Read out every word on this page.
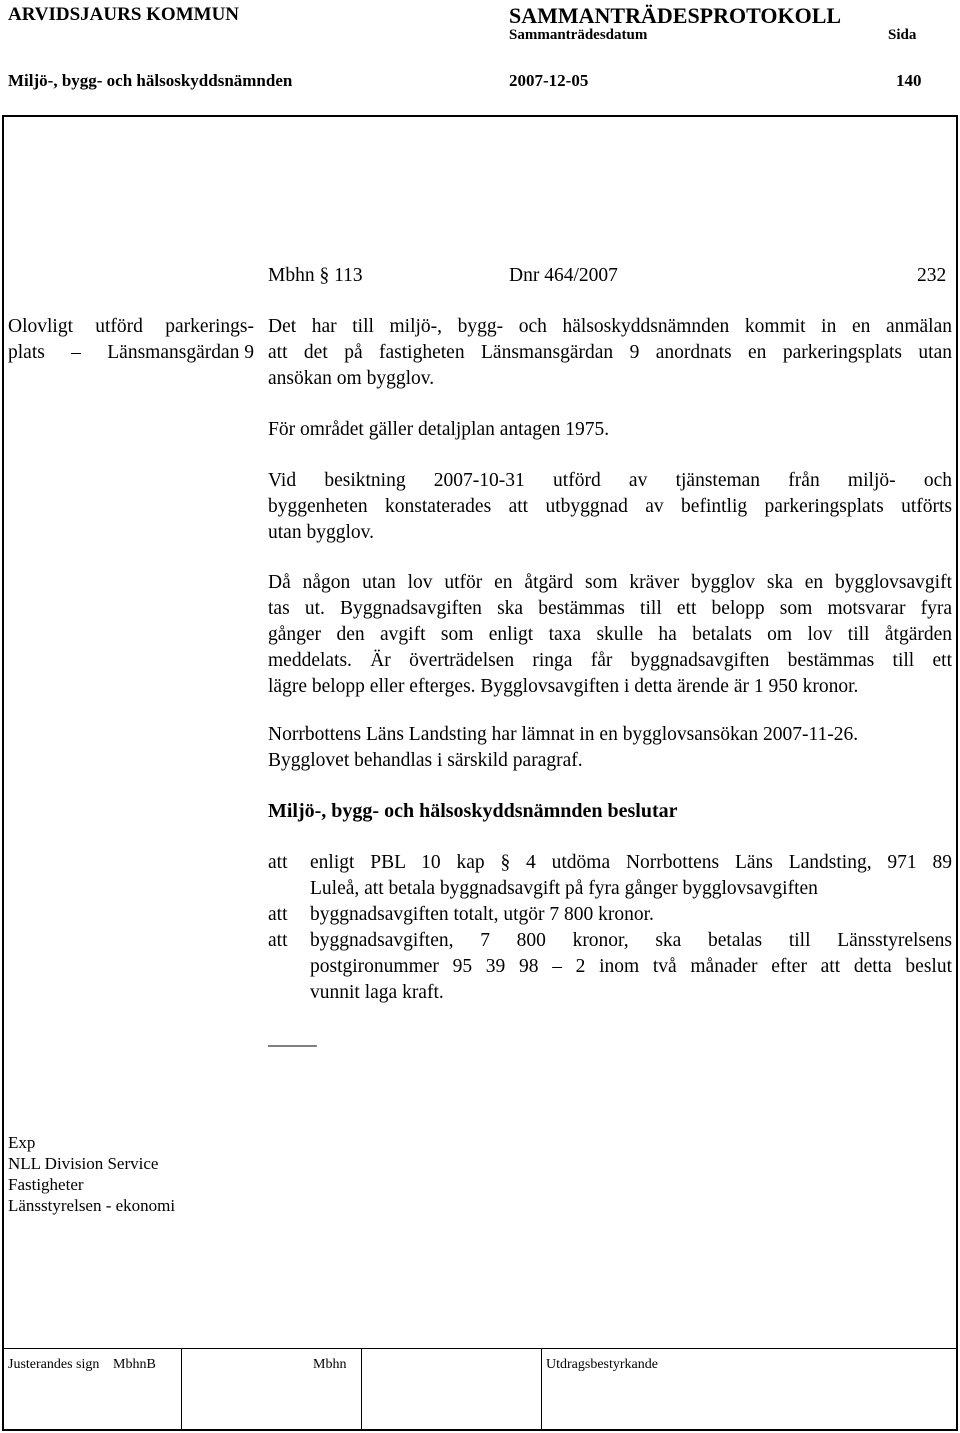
ARVIDSJAURS KOMMUN	SAMMANTRÄDESPROTOKOLL
Sammanträdesdatum	Sida
Miljö-, bygg- och hälsoskyddsnämnden	2007-12-05	140
Mbhn § 113	Dnr 464/2007	232
Olovligt utförd parkerings-
plats – Länsmansgärdan 9
Det har till miljö-, bygg- och hälsoskyddsnämnden kommit in en anmälan
att det på fastigheten Länsmansgärdan 9 anordnats en parkeringsplats utan
ansökan om bygglov.
För området gäller detaljplan antagen 1975.
Vid besiktning 2007-10-31 utförd av tjänsteman från miljö- och
byggenheten konstaterades att utbyggnad av befintlig parkeringsplats utförts
utan bygglov.
Då någon utan lov utför en åtgärd som kräver bygglov ska en bygglovsavgift
tas ut. Byggnadsavgiften ska bestämmas till ett belopp som motsvarar fyra
gånger den avgift som enligt taxa skulle ha betalats om lov till åtgärden
meddelats. Är överträdelsen ringa får byggnadsavgiften bestämmas till ett
lägre belopp eller efterges. Bygglovsavgiften i detta ärende är 1 950 kronor.
Norrbottens Läns Landsting har lämnat in en bygglovsansökan 2007-11-26.
Bygglovet behandlas i särskild paragraf.
Miljö-, bygg- och hälsoskyddsnämnden beslutar
att enligt PBL 10 kap § 4 utdöma Norrbottens Läns Landsting, 971 89
Luleå, att betala byggnadsavgift på fyra gånger bygglovsavgiften
att byggnadsavgiften totalt, utgör 7 800 kronor.
att byggnadsavgiften, 7 800 kronor, ska betalas till Länsstyrelsens
postgironummer 95 39 98 – 2 inom två månader efter att detta beslut
vunnit laga kraft.
_____
Exp
NLL Division Service
Fastigheter
Länsstyrelsen - ekonomi
Justerandes sign MbhnB	Mbhn	Utdragsbestyrkande
